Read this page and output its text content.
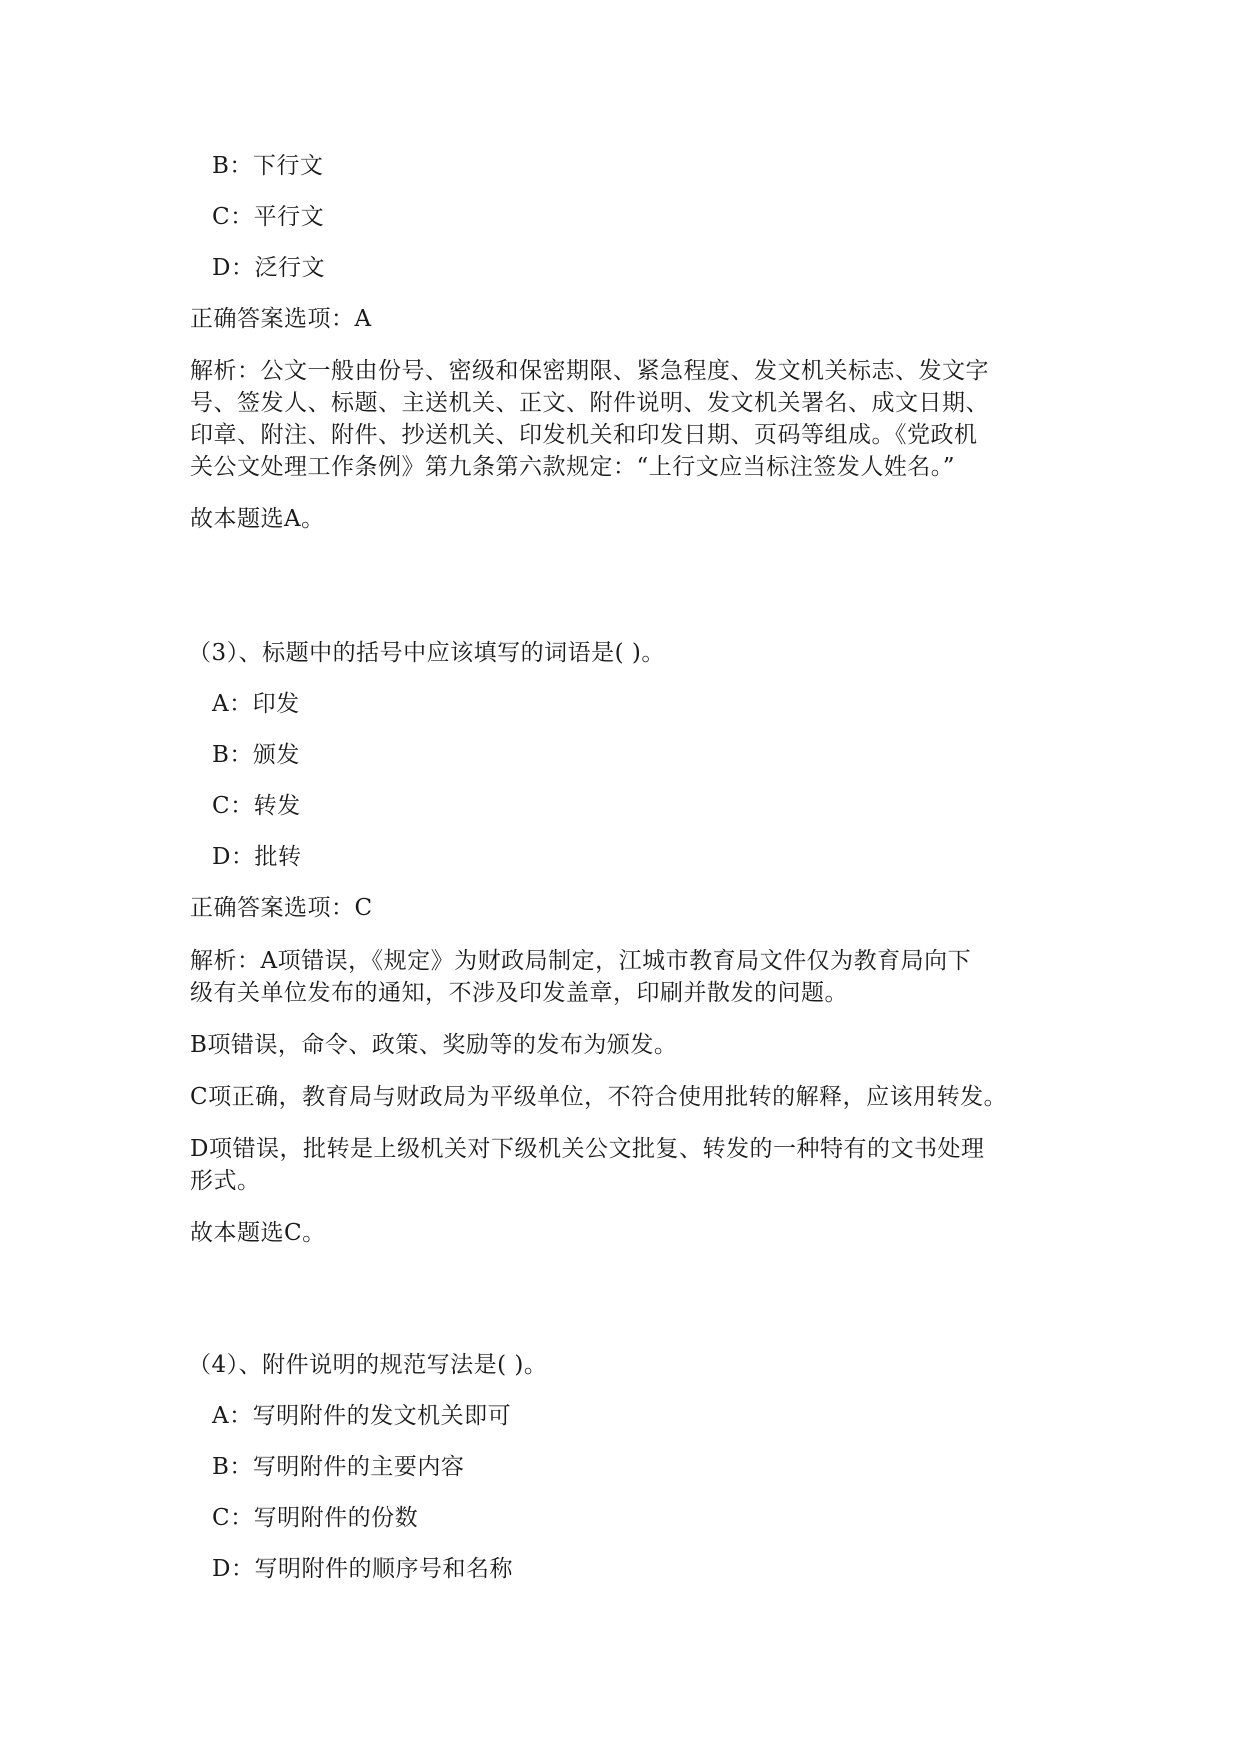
B：下行文
C：平行文
D：泛行文
正确答案选项：A
解析：公文一般由份号、密级和保密期限、紧急程度、发文机关标志、发文字
号、签发人、标题、主送机关、正文、附件说明、发文机关署名、成文日期、
印章、附注、附件、抄送机关、印发机关和印发日期、页码等组成。《党政机
关公文处理工作条例》第九条第六款规定：“上行文应当标注签发人姓名。”
故本题选A。
（3）、标题中的括号中应该填写的词语是( )。
A：印发
B：颁发
C：转发
D：批转
正确答案选项：C
解析：A项错误，《规定》为财政局制定，江城市教育局文件仅为教育局向下
级有关单位发布的通知，不涉及印发盖章，印刷并散发的问题。
B项错误，命令、政策、奖励等的发布为颁发。
C项正确，教育局与财政局为平级单位，不符合使用批转的解释，应该用转发。
D项错误，批转是上级机关对下级机关公文批复、转发的一种特有的文书处理
形式。
故本题选C。
（4）、附件说明的规范写法是( )。
A：写明附件的发文机关即可
B：写明附件的主要内容
C：写明附件的份数
D：写明附件的顺序号和名称
